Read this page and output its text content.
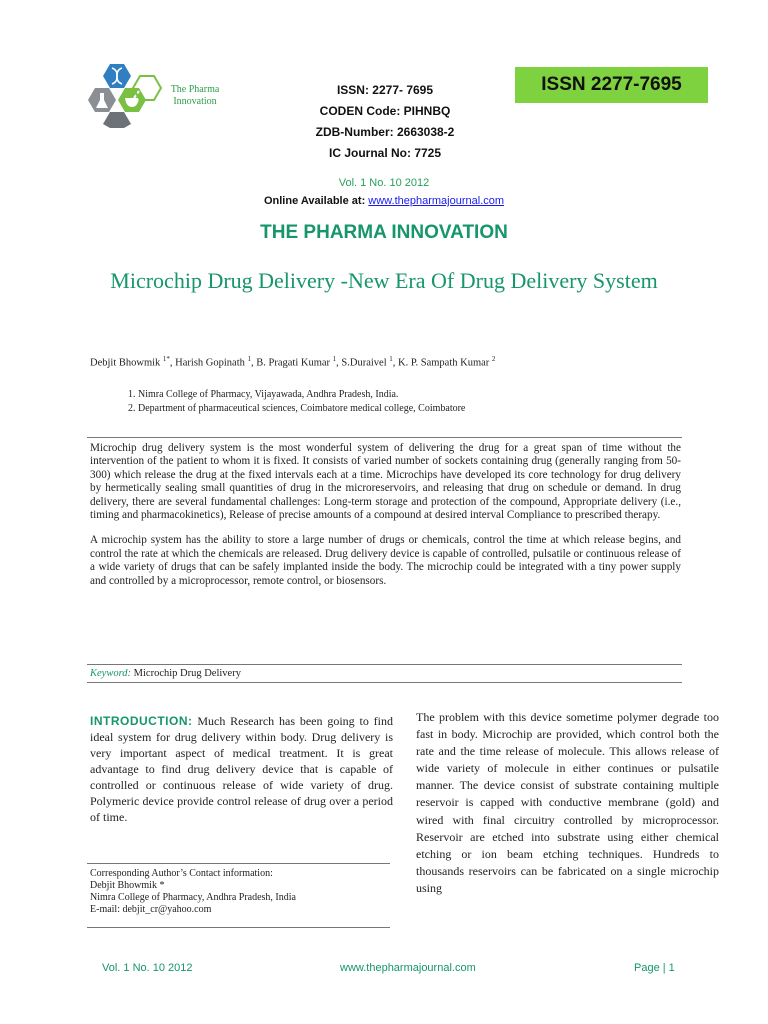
The Pharma
Innovation
ISSN: 2277- 7695
CODEN Code: PIHNBQ
ZDB-Number: 2663038-2
IC Journal No: 7725
ISSN 2277-7695
Vol. 1 No. 10 2012
Online Available at: www.thepharmajournal.com
THE PHARMA INNOVATION
Microchip Drug Delivery -New Era Of Drug Delivery System
Debjit Bhowmik $^{1*}$, Harish Gopinath $^1$, B. Pragati Kumar $^1$, S.Duraivel $^1$, K. P. Sampath Kumar $^2$
1. Nimra College of Pharmacy, Vijayawada, Andhra Pradesh, India.
2. Department of pharmaceutical sciences, Coimbatore medical college, Coimbatore

Microchip drug delivery system is the most wonderful system of delivering the drug for a great span of time without the intervention of the patient to whom it is fixed. It consists of varied number of sockets containing drug (generally ranging from 50-300) which release the drug at the fixed intervals each at a time. Microchips have developed its core technology for drug delivery by hermetically sealing small quantities of drug in the microreservoirs, and releasing that drug on schedule or demand. In drug delivery, there are several fundamental challenges: Long-term storage and protection of the compound, Appropriate delivery (i.e., timing and pharmacokinetics), Release of precise amounts of a compound at desired interval Compliance to prescribed therapy.

A microchip system has the ability to store a large number of drugs or chemicals, control the time at which release begins, and control the rate at which the chemicals are released. Drug delivery device is capable of controlled, pulsatile or continuous release of a wide variety of drugs that can be safely implanted inside the body. The microchip could be integrated with a tiny power supply and controlled by a microprocessor, remote control, or biosensors.

Keyword: Microchip Drug Delivery
INTRODUCTION: Much Research has been going to find ideal system for drug delivery within body. Drug delivery is very important aspect of medical treatment. It is great advantage to find drug delivery device that is capable of controlled or continuous release of wide variety of drug. Polymeric device provide control release of drug over a period of time.
Corresponding Author’s Contact information:
Debjit Bhowmik *
Nimra College of Pharmacy, Andhra Pradesh, India
E-mail: debjit_cr@yahoo.com
The problem with this device sometime polymer degrade too fast in body. Microchip are provided, which control both the rate and the time release of molecule. This allows release of wide variety of molecule in either continues or pulsatile manner. The device consist of substrate containing multiple reservoir is capped with conductive membrane (gold) and wired with final circuitry controlled by microprocessor. Reservoir are etched into substrate using either chemical etching or ion beam etching techniques. Hundreds to thousands reservoirs can be fabricated on a single microchip using
Vol. 1 No. 10 2012	www.thepharmajournal.com	Page | 1
